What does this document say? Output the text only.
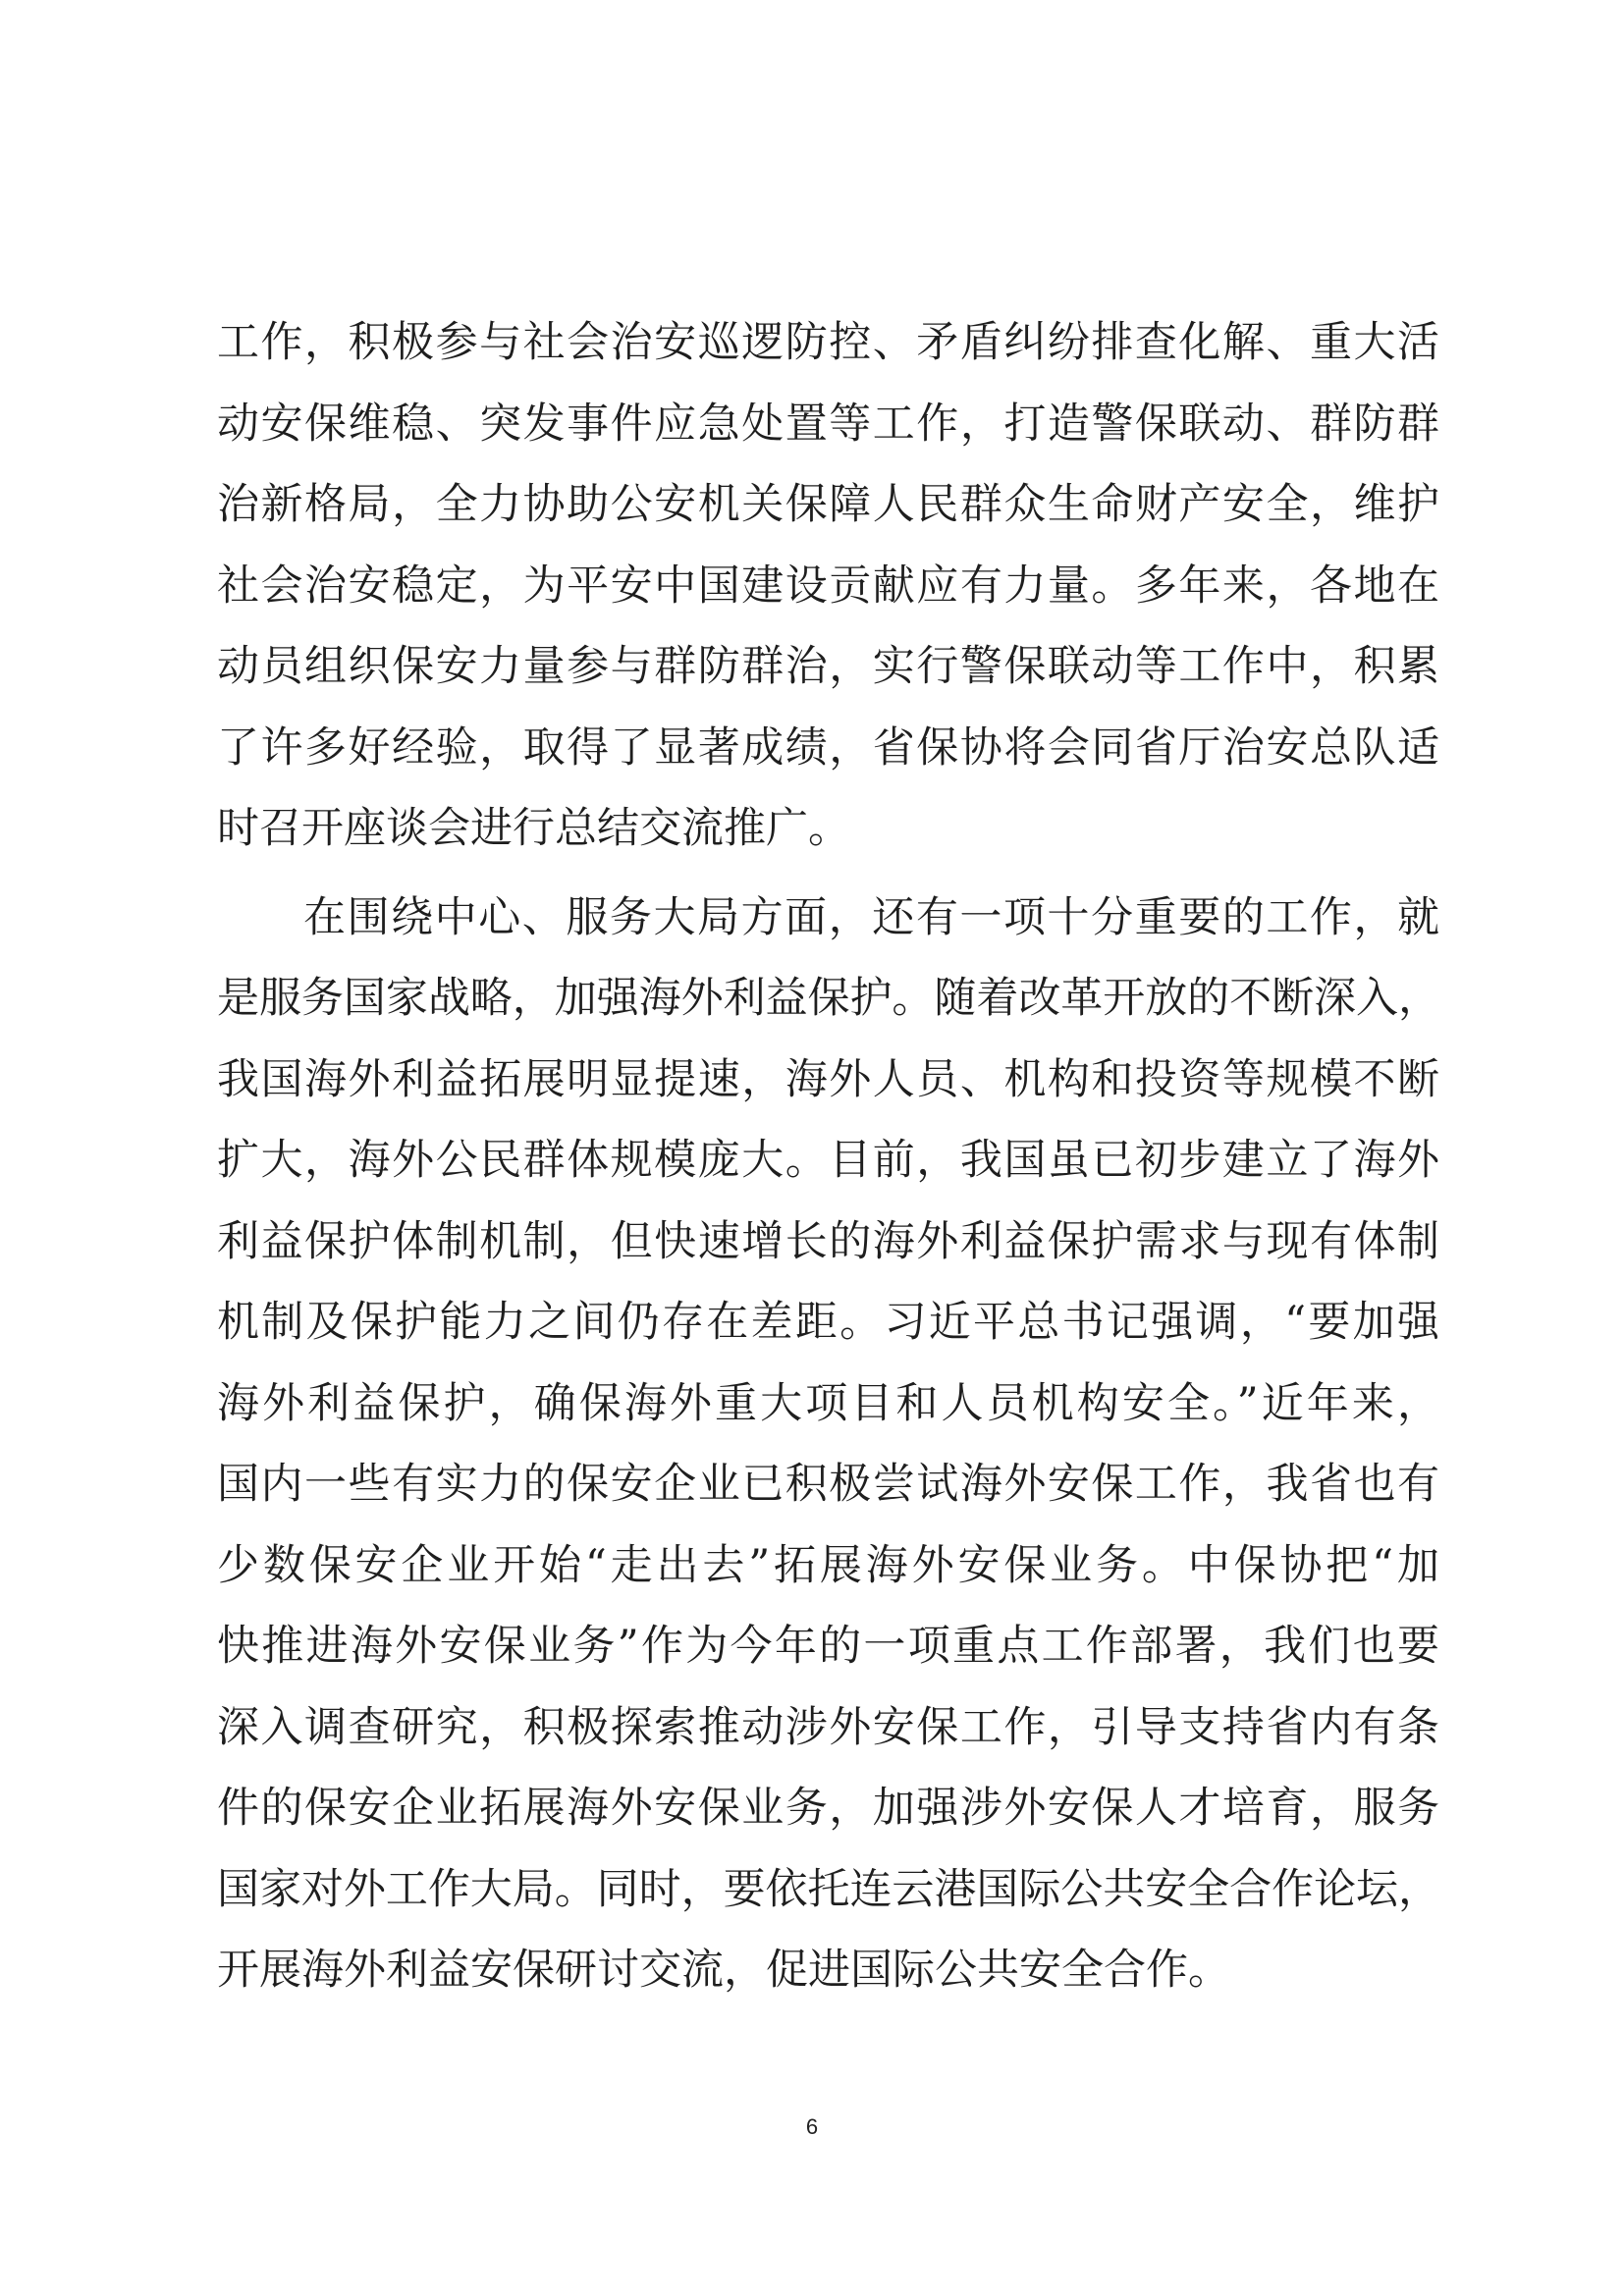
工作，积极参与社会治安巡逻防控、矛盾纠纷排查化解、重大活
动安保维稳、突发事件应急处置等工作，打造警保联动、群防群
治新格局，全力协助公安机关保障人民群众生命财产安全，维护
社会治安稳定，为平安中国建设贡献应有力量。多年来，各地在
动员组织保安力量参与群防群治，实行警保联动等工作中，积累
了许多好经验，取得了显著成绩，省保协将会同省厅治安总队适
时召开座谈会进行总结交流推广。
在围绕中心、服务大局方面，还有一项十分重要的工作，就
是服务国家战略，加强海外利益保护。随着改革开放的不断深入，
我国海外利益拓展明显提速，海外人员、机构和投资等规模不断
扩大，海外公民群体规模庞大。目前，我国虽已初步建立了海外
利益保护体制机制，但快速增长的海外利益保护需求与现有体制
机制及保护能力之间仍存在差距。习近平总书记强调，“要加强
海外利益保护，确保海外重大项目和人员机构安全。”近年来，
国内一些有实力的保安企业已积极尝试海外安保工作，我省也有
少数保安企业开始“走出去”拓展海外安保业务。中保协把“加
快推进海外安保业务”作为今年的一项重点工作部署，我们也要
深入调查研究，积极探索推动涉外安保工作，引导支持省内有条
件的保安企业拓展海外安保业务，加强涉外安保人才培育，服务
国家对外工作大局。同时，要依托连云港国际公共安全合作论坛，
开展海外利益安保研讨交流，促进国际公共安全合作。
6
